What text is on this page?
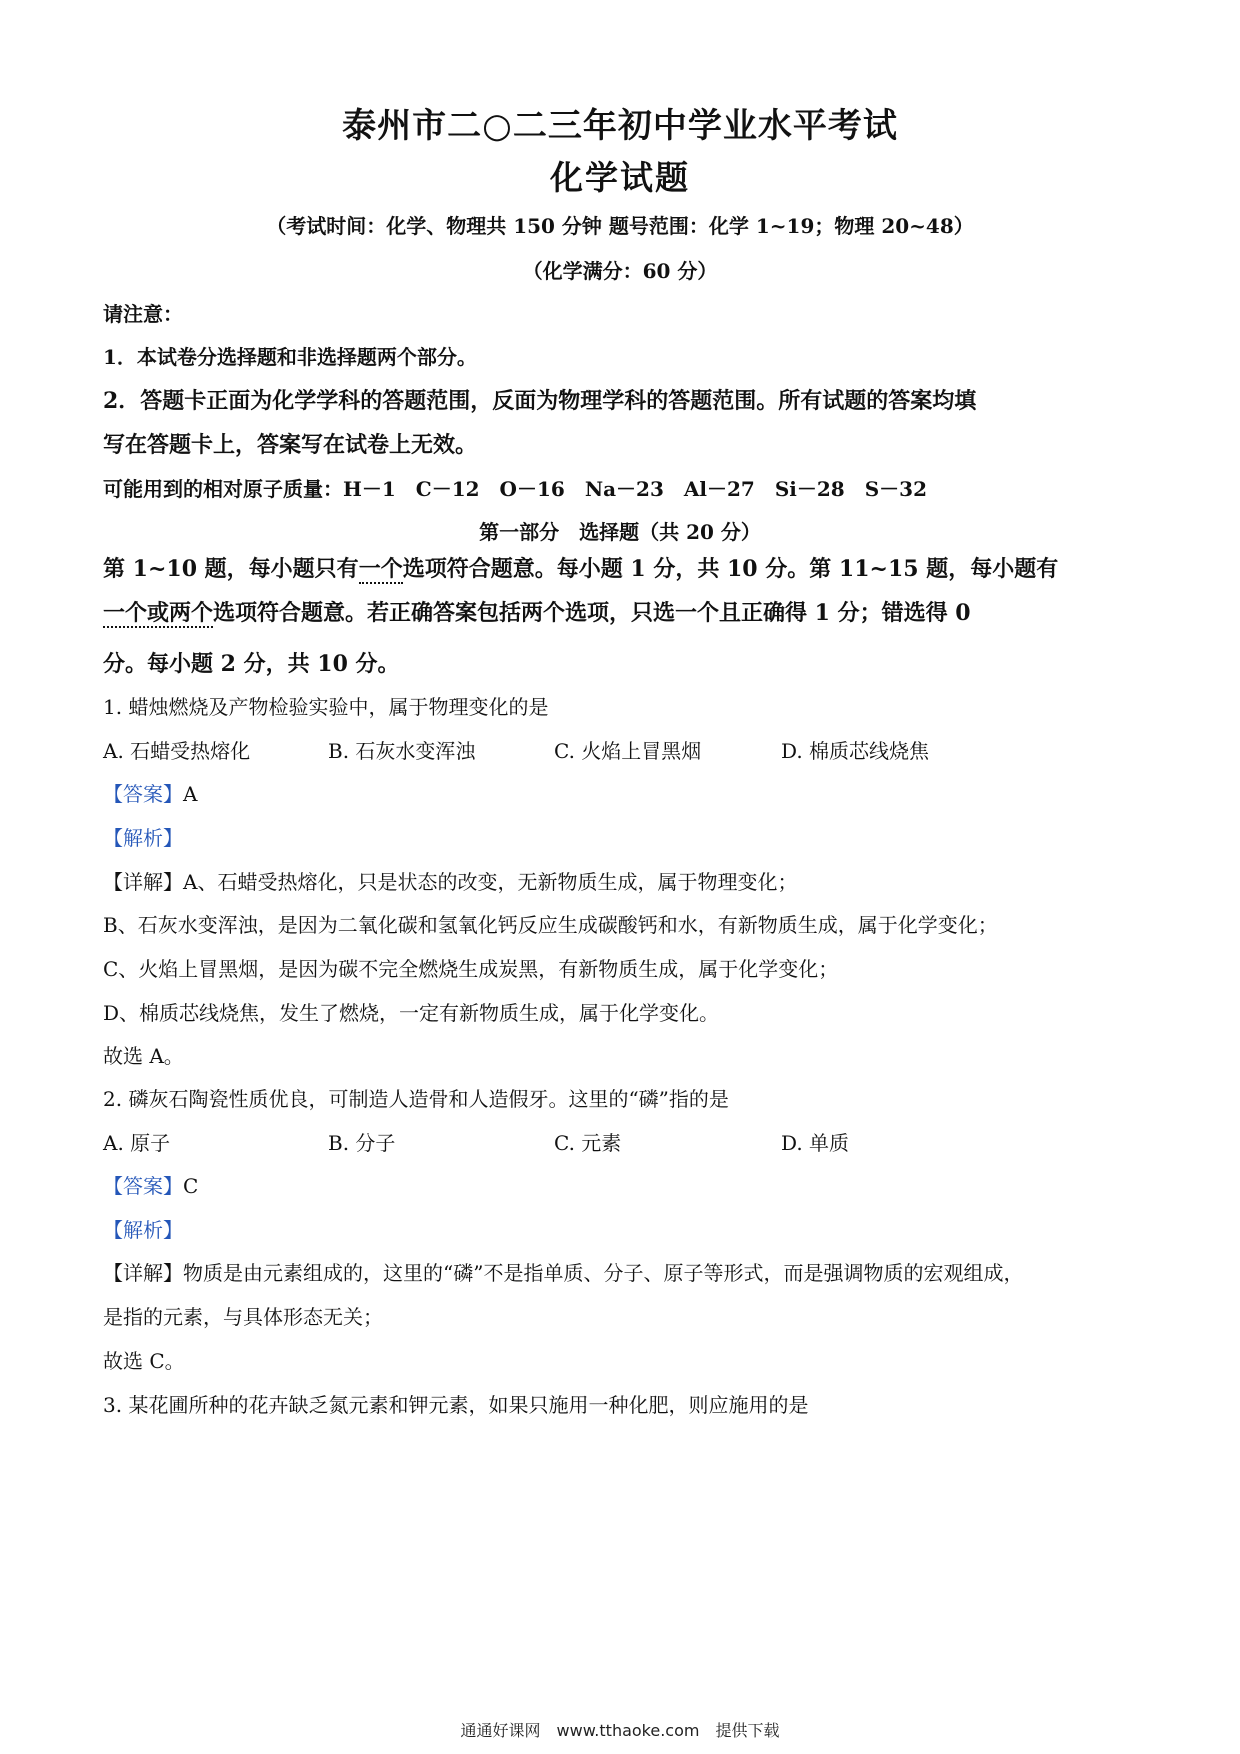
泰州市二○二三年初中学业水平考试
化学试题
（考试时间：化学、物理共 150 分钟 题号范围：化学 1~19；物理 20~48）
（化学满分：60 分）
请注意：
1．本试卷分选择题和非选择题两个部分。
2．答题卡正面为化学学科的答题范围，反面为物理学科的答题范围。所有试题的答案均填
写在答题卡上，答案写在试卷上无效。
可能用到的相对原子质量：H－1　C－12　O－16　Na－23　Al－27　Si－28　S－32
第一部分　选择题（共 20 分）
第 1~10 题，每小题只有一个选项符合题意。每小题 1 分，共 10 分。第 11~15 题，每小题有
一个或两个选项符合题意。若正确答案包括两个选项，只选一个且正确得 1 分；错选得 0
分。每小题 2 分，共 10 分。
1. 蜡烛燃烧及产物检验实验中，属于物理变化的是
A. 石蜡受热熔化	B. 石灰水变浑浊	C. 火焰上冒黑烟	D. 棉质芯线烧焦
【答案】A
【解析】
【详解】A、石蜡受热熔化，只是状态的改变，无新物质生成，属于物理变化；
B、石灰水变浑浊，是因为二氧化碳和氢氧化钙反应生成碳酸钙和水，有新物质生成，属于化学变化；
C、火焰上冒黑烟，是因为碳不完全燃烧生成炭黑，有新物质生成，属于化学变化；
D、棉质芯线烧焦，发生了燃烧，一定有新物质生成，属于化学变化。
故选 A。
2. 磷灰石陶瓷性质优良，可制造人造骨和人造假牙。这里的“磷”指的是
A. 原子	B. 分子	C. 元素	D. 单质
【答案】C
【解析】
【详解】物质是由元素组成的，这里的“磷”不是指单质、分子、原子等形式，而是强调物质的宏观组成，
是指的元素，与具体形态无关；
故选 C。
3. 某花圃所种的花卉缺乏氮元素和钾元素，如果只施用一种化肥，则应施用的是
通通好课网　www.tthaoke.com　提供下载
